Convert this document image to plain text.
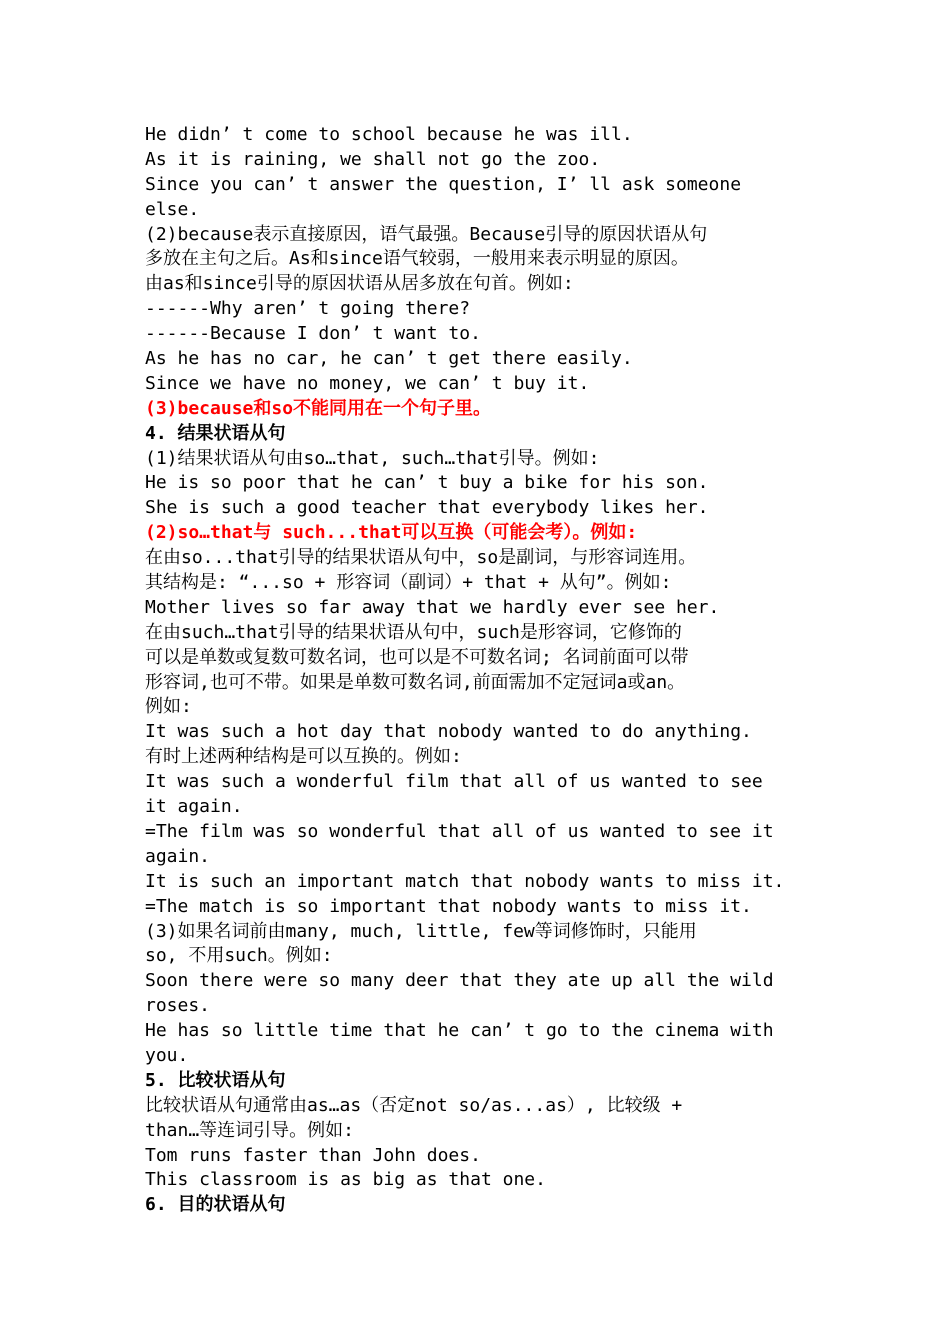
He didn’ t come to school because he was ill.
As it is raining, we shall not go the zoo.
Since you can’ t answer the question, I’ ll ask someone
else.
(2)because表示直接原因，语气最强。Because引导的原因状语从句
多放在主句之后。As和since语气较弱，一般用来表示明显的原因。
由as和since引导的原因状语从居多放在句首。例如:
------Why aren’ t going there?
------Because I don’ t want to.
As he has no car, he can’ t get there easily.
Since we have no money, we can’ t buy it.
(3)because和so不能同用在一个句子里。
4. 结果状语从句
(1)结果状语从句由so…that, such…that引导。例如:
He is so poor that he can’ t buy a bike for his son.
She is such a good teacher that everybody likes her.
(2)so…that与 such...that可以互换（可能会考）。例如:
在由so...that引导的结果状语从句中，so是副词，与形容词连用。
其结构是: “...so + 形容词（副词）+ that + 从句”。例如:
Mother lives so far away that we hardly ever see her.
在由such…that引导的结果状语从句中，such是形容词，它修饰的
可以是单数或复数可数名词，也可以是不可数名词; 名词前面可以带
形容词,也可不带。如果是单数可数名词,前面需加不定冠词a或an。
例如:
It was such a hot day that nobody wanted to do anything.
有时上述两种结构是可以互换的。例如:
It was such a wonderful film that all of us wanted to see
it again.
=The film was so wonderful that all of us wanted to see it
again.
It is such an important match that nobody wants to miss it.
=The match is so important that nobody wants to miss it.
(3)如果名词前由many, much, little, few等词修饰时，只能用
so, 不用such。例如:
Soon there were so many deer that they ate up all the wild
roses.
He has so little time that he can’ t go to the cinema with
you.
5. 比较状语从句
比较状语从句通常由as…as（否定not so/as...as）, 比较级 +
than…等连词引导。例如:
Tom runs faster than John does.
This classroom is as big as that one.
6. 目的状语从句
